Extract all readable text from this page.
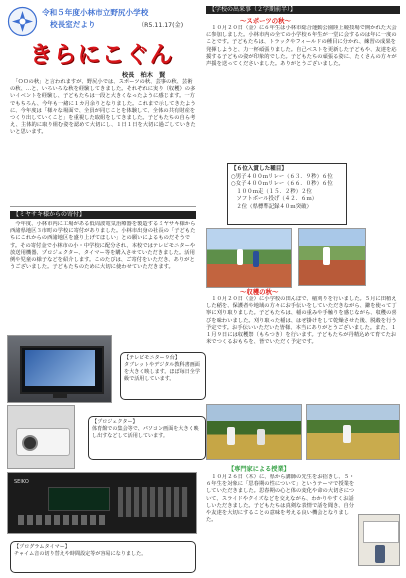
令和５年度小林市立野尻小学校
校長室だより	（R5.11.17(金)
きらにこぐん
校長　柏木　賢
　「ＯＯの秋」と言われますが、野尻小では、スポーツの秋、芸事の秋、芸術の秋、…と、いろいろな秋を経験してきました。それぞれに実り（収穫）の多いイベントを経験し、子どもたちは一段と大きくなったように感じます。一方でもちろん、今年も一緒に１カ月余りとなりました。これまで示してきたように、今年度は「様々な場面で、全員が同じことを体験して、全体の共有財産をつくり出していくこと」を重視した取組をしてきました。子どもたちの自ら考え、主体的に取り組む姿を認めて大切にし、１日１日を大切に過ごしていきたいと思います。
【ミヤサキ様からの寄付】
　今年度、小林市内に工場がある低周波電気治療器を製造するミヤサキ様から西諸県地区３市町の学校に寄付がありました。小林市出身の社長の「子どもたちにこれからの西諸地区を盛り上げてほしい」との願いによるものだそうです。その寄付金で小林市の小・中学校に配分され、本校ではテレビモニターや放送用機器、プロジェクター、タイマー等を購入させていただきました。活用例や児童の様子などを紹介します。このたびは、ご寄付をいただき、ありがとうございました。子どもたちのために大切に使わせていただきます。
【テレビモニター９台】
タブレットやデジタル教科書画面を大きく映します。ほぼ毎日全学級で活用しています。
【プロジェクター】
体育館での集会等で、パソコン画面を大きく映し出すなどして活用しています。
SEIKO
【プログラムタイマー】
チャイム音の切り替えや時間設定等が容易になりました。
【学校の出来事（２学期前半）】
～スポーツの秋～
　１０月２０日（金）に６年生は小林市総合運動公園陸上競技場で開かれた大会に参加しました。小林市内の全ての小学校６年生が一堂に会するのは年に一度のことです。子どもたちは、トラックやフィールドの種目に分かれ、練習の成果を発揮しようと、力一杯頑張りました。自己ベストを更新した子どもや、友達を応援する子どもの姿が印象的でした。子どもたちの頑張る姿に、たくさんの方々が声援を送ってくださいました。ありがとうございました。
【６位入賞した種目】
○男子４００ｍリレー（６３．９秒）６位
○女子４００ｍリレー（６６．０秒）６位
　１００ｍ走（１５．２秒）２位
　ソフトボール投げ（４２．６ｍ）
　２位（県標準記録４０ｍ突破）
～収穫の秋～
　１０月２０日（金）に小学校の田んぼで、稲刈りを行いました。５月に田植えした稲を、保護者や地域の方々にお手伝いをしていただきながら、鎌を使って丁寧に刈り取りました。子どもたちは、稲の重みや手触りを感じながら、収穫の喜びを味わいました。刈り取った稲は、はぜ掛けをして乾燥させた後、脱穀を行う予定です。お手伝いいただいた皆様、本当にありがとうございました。また、１１月９日には収穫祭（もちつき）を行います。子どもたちが丹精込めて育てたお米でつくるおもちを、皆でいただく予定です。
【専門家による授業】
　１０月２６日（木）に、県から講師の先生をお招きし、５・６年生を対象に「思春期の性について」というテーマで授業をしていただきました。思春期の心と体の変化や命の大切さについて、スライドやクイズなどを交えながら、わかりやすくお話しいただきました。子どもたちは真剣な表情で話を聞き、自分や友達を大切にすることの意味を考える良い機会となりました。
